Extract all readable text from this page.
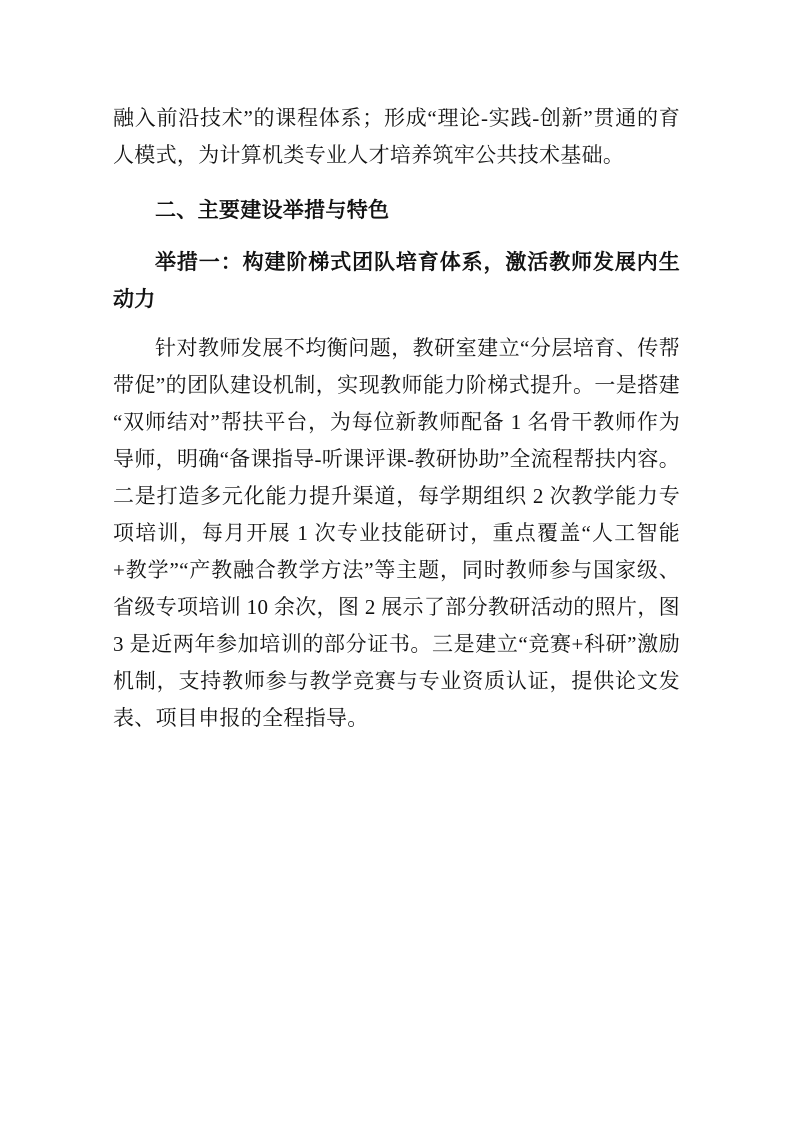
融入前沿技术”的课程体系；形成“理论-实践-创新”贯通的育人模式，为计算机类专业人才培养筑牢公共技术基础。

二、主要建设举措与特色
举措一：构建阶梯式团队培育体系，激活教师发展内生动力

针对教师发展不均衡问题，教研室建立“分层培育、传帮带促”的团队建设机制，实现教师能力阶梯式提升。一是搭建“双师结对”帮扶平台，为每位新教师配备 1 名骨干教师作为导师，明确“备课指导-听课评课-教研协助”全流程帮扶内容。二是打造多元化能力提升渠道，每学期组织 2 次教学能力专项培训，每月开展 1 次专业技能研讨，重点覆盖“人工智能+教学”“产教融合教学方法”等主题，同时教师参与国家级、省级专项培训 10 余次，图 2 展示了部分教研活动的照片，图 3 是近两年参加培训的部分证书。三是建立“竞赛+科研”激励机制，支持教师参与教学竞赛与专业资质认证，提供论文发表、项目申报的全程指导。
